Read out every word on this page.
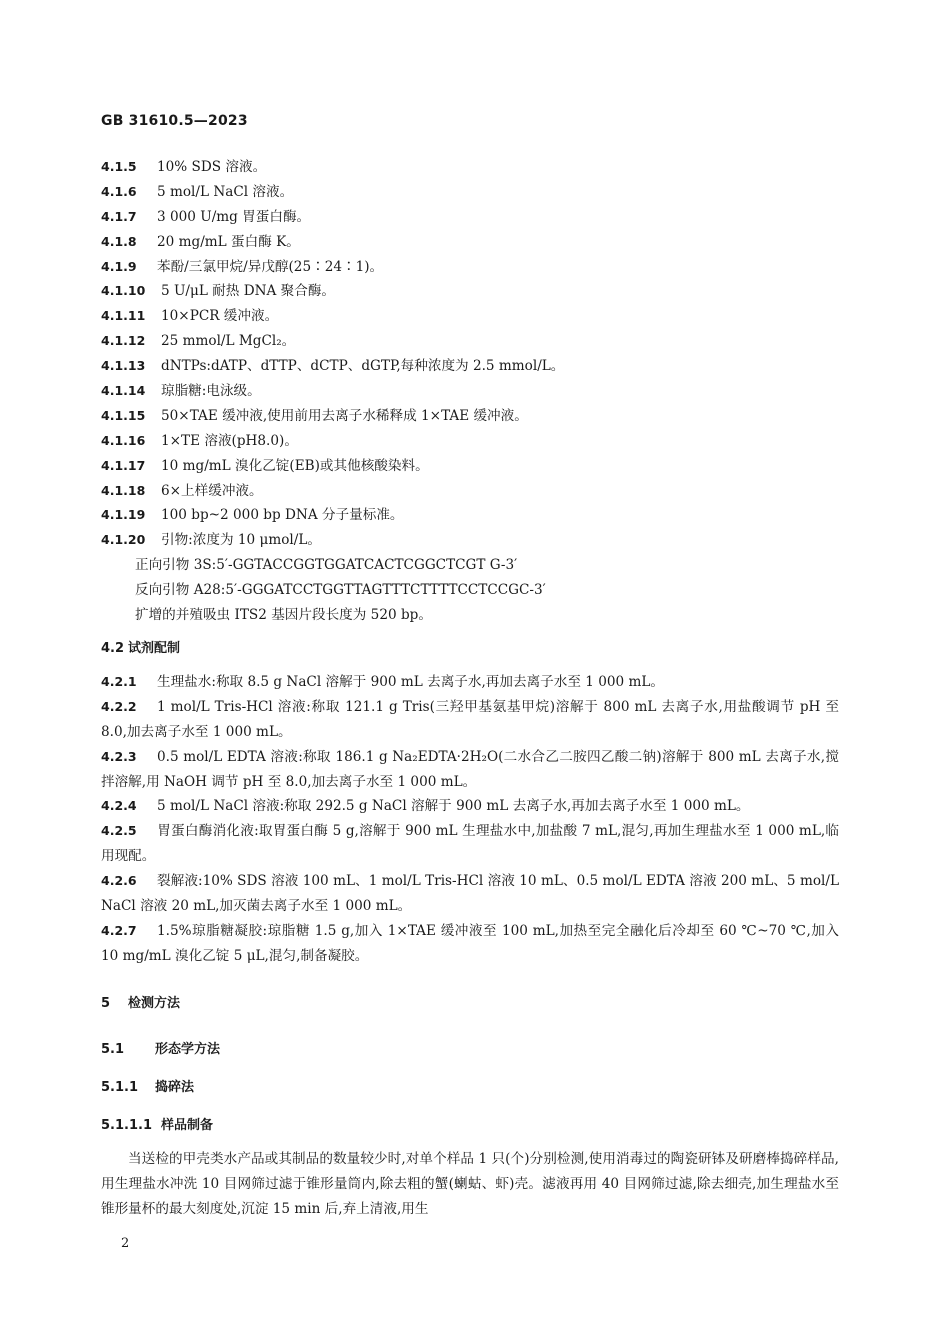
GB 31610.5—2023
4.1.5 10% SDS 溶液。
4.1.6 5 mol/L NaCl 溶液。
4.1.7 3 000 U/mg 胃蛋白酶。
4.1.8 20 mg/mL 蛋白酶 K。
4.1.9 苯酚/三氯甲烷/异戊醇(25∶24∶1)。
4.1.10 5 U/μL 耐热 DNA 聚合酶。
4.1.11 10×PCR 缓冲液。
4.1.12 25 mmol/L MgCl₂。
4.1.13 dNTPs:dATP、dTTP、dCTP、dGTP,每种浓度为 2.5 mmol/L。
4.1.14 琼脂糖:电泳级。
4.1.15 50×TAE 缓冲液,使用前用去离子水稀释成 1×TAE 缓冲液。
4.1.16 1×TE 溶液(pH8.0)。
4.1.17 10 mg/mL 溴化乙锭(EB)或其他核酸染料。
4.1.18 6×上样缓冲液。
4.1.19 100 bp~2 000 bp DNA 分子量标准。
4.1.20 引物:浓度为 10 μmol/L。
正向引物 3S:5′-GGTACCGGTGGATCACTCGGCTCGT G-3′
反向引物 A28:5′-GGGATCCTGGTTAGTTTCTTTTCCTCCGC-3′
扩增的并殖吸虫 ITS2 基因片段长度为 520 bp。
4.2 试剂配制
4.2.1 生理盐水:称取 8.5 g NaCl 溶解于 900 mL 去离子水,再加去离子水至 1 000 mL。
4.2.2 1 mol/L Tris-HCl 溶液:称取 121.1 g Tris(三羟甲基氨基甲烷)溶解于 800 mL 去离子水,用盐酸调节 pH 至 8.0,加去离子水至 1 000 mL。
4.2.3 0.5 mol/L EDTA 溶液:称取 186.1 g Na₂EDTA·2H₂O(二水合乙二胺四乙酸二钠)溶解于 800 mL 去离子水,搅拌溶解,用 NaOH 调节 pH 至 8.0,加去离子水至 1 000 mL。
4.2.4 5 mol/L NaCl 溶液:称取 292.5 g NaCl 溶解于 900 mL 去离子水,再加去离子水至 1 000 mL。
4.2.5 胃蛋白酶消化液:取胃蛋白酶 5 g,溶解于 900 mL 生理盐水中,加盐酸 7 mL,混匀,再加生理盐水至 1 000 mL,临用现配。
4.2.6 裂解液:10% SDS 溶液 100 mL、1 mol/L Tris-HCl 溶液 10 mL、0.5 mol/L EDTA 溶液 200 mL、5 mol/L NaCl 溶液 20 mL,加灭菌去离子水至 1 000 mL。
4.2.7 1.5%琼脂糖凝胶:琼脂糖 1.5 g,加入 1×TAE 缓冲液至 100 mL,加热至完全融化后冷却至 60 ℃~70 ℃,加入 10 mg/mL 溴化乙锭 5 μL,混匀,制备凝胶。
5 检测方法
5.1 形态学方法
5.1.1 捣碎法
5.1.1.1 样品制备
当送检的甲壳类水产品或其制品的数量较少时,对单个样品 1 只(个)分别检测,使用消毒过的陶瓷研钵及研磨棒捣碎样品,用生理盐水冲洗 10 目网筛过滤于锥形量筒内,除去粗的蟹(蝲蛄、虾)壳。滤液再用 40 目网筛过滤,除去细壳,加生理盐水至锥形量杯的最大刻度处,沉淀 15 min 后,弃上清液,用生
2
